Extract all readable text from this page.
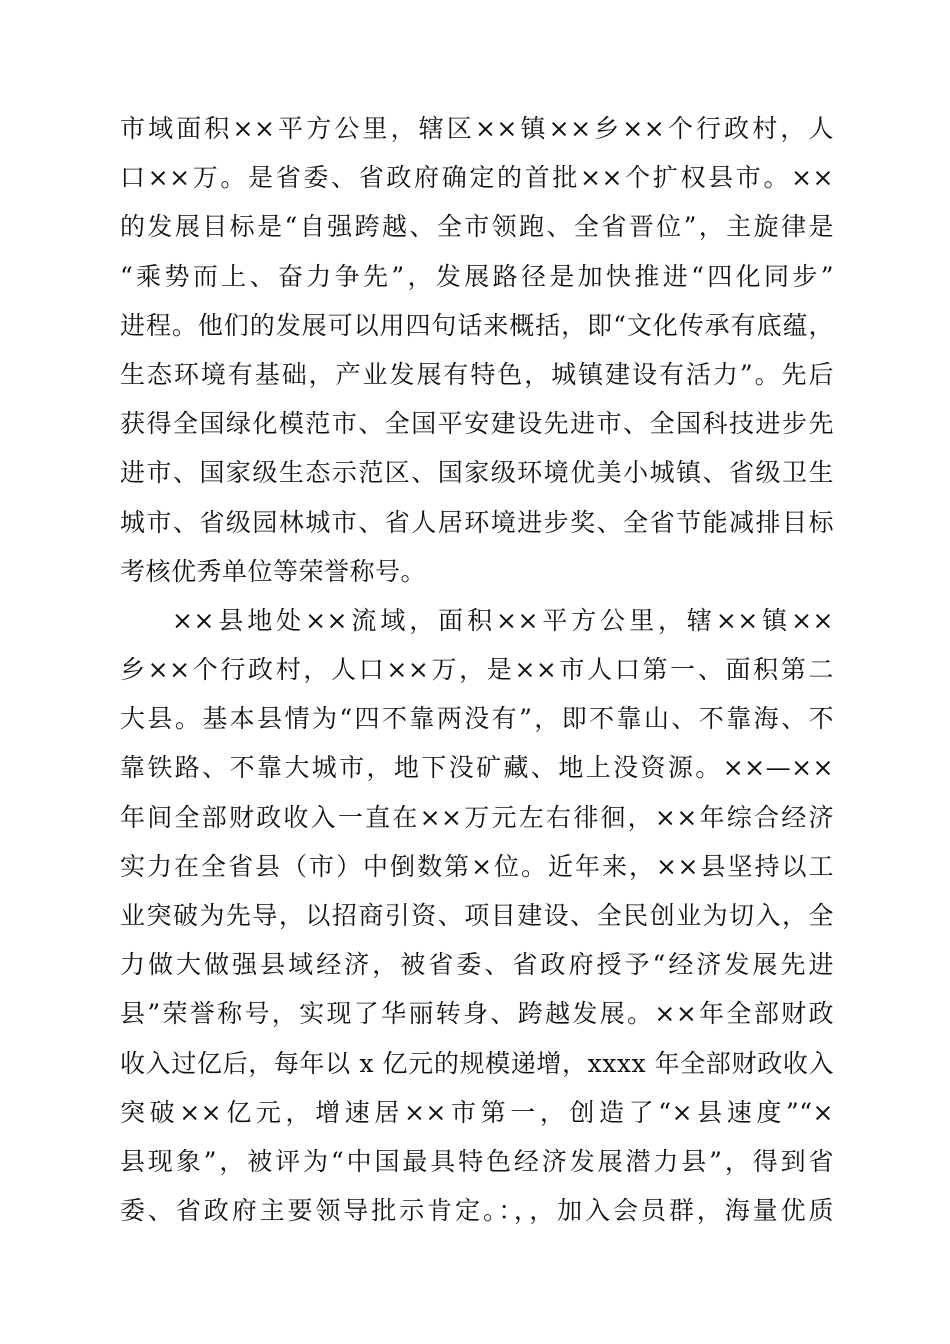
市域面积××平方公里，辖区××镇××乡××个行政村，人
口××万。是省委、省政府确定的首批××个扩权县市。××
的发展目标是“自强跨越、全市领跑、全省晋位”，主旋律是
“乘势而上、奋力争先”，发展路径是加快推进“四化同步”
进程。他们的发展可以用四句话来概括，即“文化传承有底蕴，
生态环境有基础，产业发展有特色，城镇建设有活力”。先后
获得全国绿化模范市、全国平安建设先进市、全国科技进步先
进市、国家级生态示范区、国家级环境优美小城镇、省级卫生
城市、省级园林城市、省人居环境进步奖、全省节能减排目标
考核优秀单位等荣誉称号。
××县地处××流域，面积××平方公里，辖××镇××
乡××个行政村，人口××万，是××市人口第一、面积第二
大县。基本县情为“四不靠两没有”，即不靠山、不靠海、不
靠铁路、不靠大城市，地下没矿藏、地上没资源。××—××
年间全部财政收入一直在××万元左右徘徊，××年综合经济
实力在全省县（市）中倒数第×位。近年来，××县坚持以工
业突破为先导，以招商引资、项目建设、全民创业为切入，全
力做大做强县域经济，被省委、省政府授予“经济发展先进
县”荣誉称号，实现了华丽转身、跨越发展。××年全部财政
收入过亿后，每年以 x 亿元的规模递增，xxxx 年全部财政收入
突破××亿元，增速居××市第一，创造了“×县速度”“×
县现象”，被评为“中国最具特色经济发展潜力县”，得到省
委、省政府主要领导批示肯定。：，，加入会员群，海量优质
